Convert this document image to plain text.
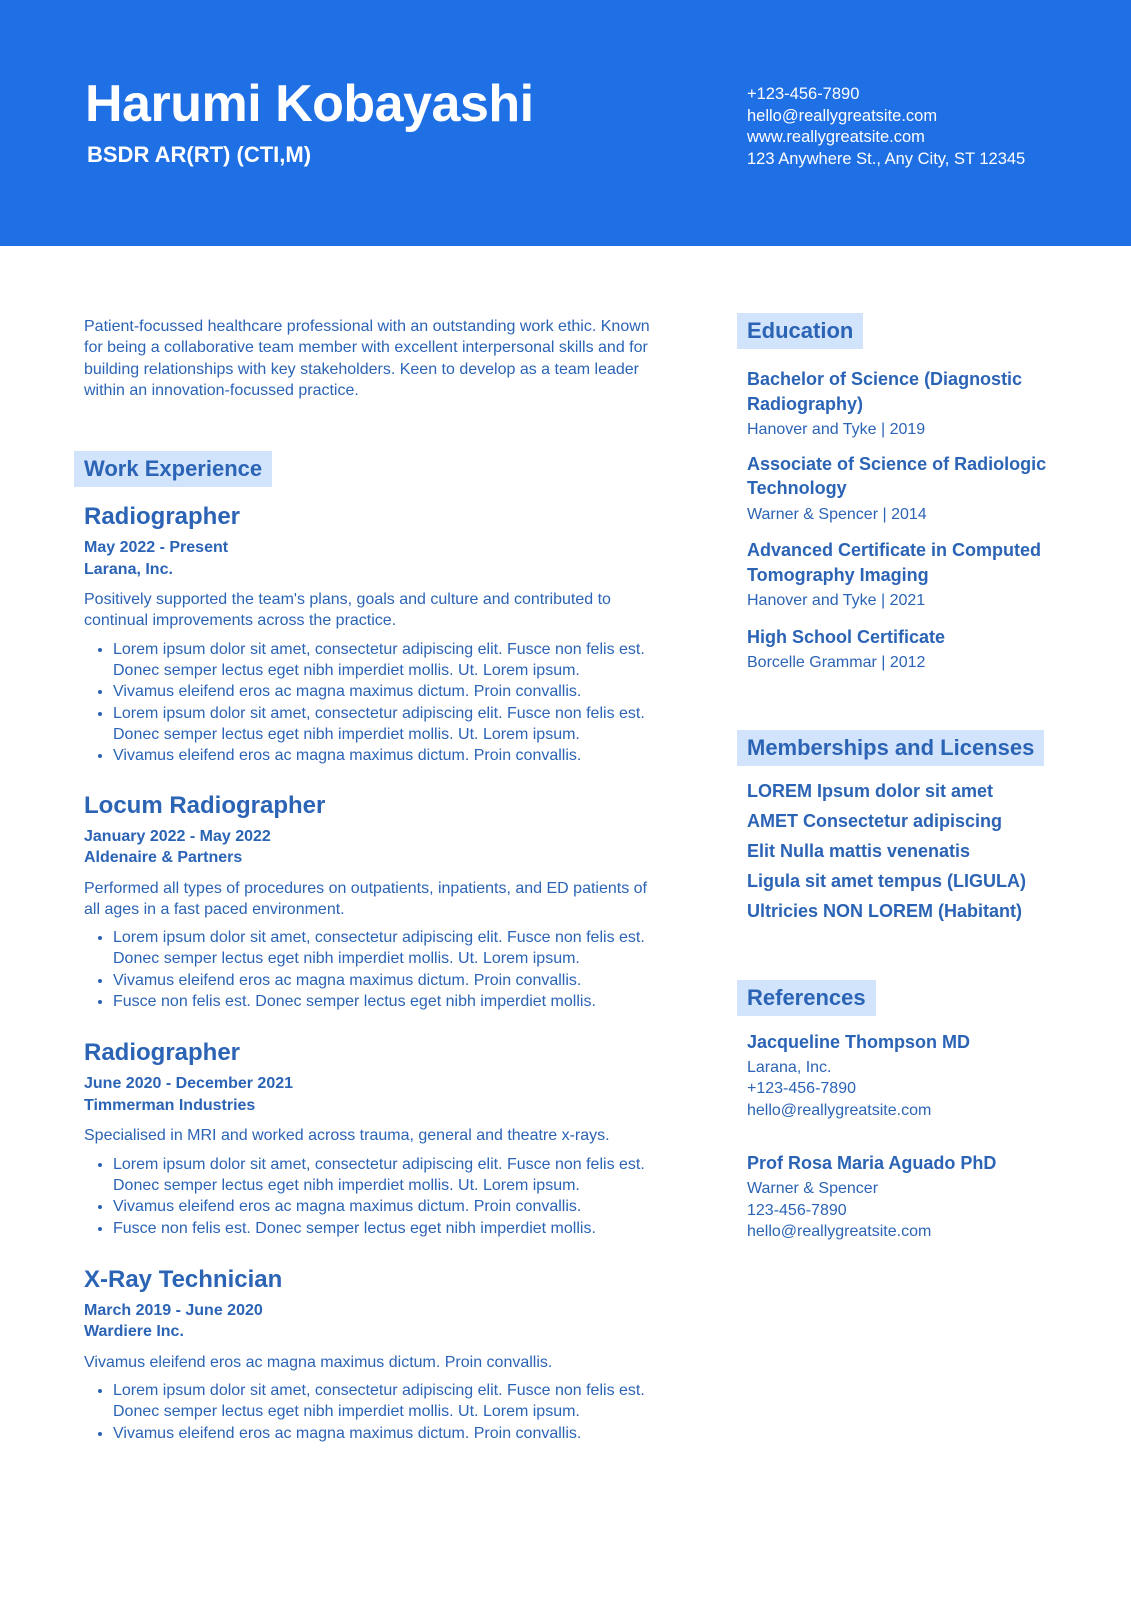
Harumi Kobayashi
BSDR AR(RT) (CTI,M)
+123-456-7890
hello@reallygreatsite.com
www.reallygreatsite.com
123 Anywhere St., Any City, ST 12345

Patient-focussed healthcare professional with an outstanding work ethic. Known for being a collaborative team member with excellent interpersonal skills and for building relationships with key stakeholders. Keen to develop as a team leader within an innovation-focussed practice.

Work Experience
Radiographer
May 2022 - Present
Larana, Inc.
Positively supported the team's plans, goals and culture and contributed to continual improvements across the practice.
• Lorem ipsum dolor sit amet, consectetur adipiscing elit. Fusce non felis est. Donec semper lectus eget nibh imperdiet mollis. Ut. Lorem ipsum.
• Vivamus eleifend eros ac magna maximus dictum. Proin convallis.
• Lorem ipsum dolor sit amet, consectetur adipiscing elit. Fusce non felis est. Donec semper lectus eget nibh imperdiet mollis. Ut. Lorem ipsum.
• Vivamus eleifend eros ac magna maximus dictum. Proin convallis.
Locum Radiographer
January 2022 - May 2022
Aldenaire & Partners
Performed all types of procedures on outpatients, inpatients, and ED patients of all ages in a fast paced environment.
• Lorem ipsum dolor sit amet, consectetur adipiscing elit. Fusce non felis est. Donec semper lectus eget nibh imperdiet mollis. Ut. Lorem ipsum.
• Vivamus eleifend eros ac magna maximus dictum. Proin convallis.
• Fusce non felis est. Donec semper lectus eget nibh imperdiet mollis.
Radiographer
June 2020 - December 2021
Timmerman Industries
Specialised in MRI and worked across trauma, general and theatre x-rays.
• Lorem ipsum dolor sit amet, consectetur adipiscing elit. Fusce non felis est. Donec semper lectus eget nibh imperdiet mollis. Ut. Lorem ipsum.
• Vivamus eleifend eros ac magna maximus dictum. Proin convallis.
• Fusce non felis est. Donec semper lectus eget nibh imperdiet mollis.
X-Ray Technician
March 2019 - June 2020
Wardiere Inc.
Vivamus eleifend eros ac magna maximus dictum. Proin convallis.
• Lorem ipsum dolor sit amet, consectetur adipiscing elit. Fusce non felis est. Donec semper lectus eget nibh imperdiet mollis. Ut. Lorem ipsum.
• Vivamus eleifend eros ac magna maximus dictum. Proin convallis.
Education
Bachelor of Science (Diagnostic Radiography)
Hanover and Tyke | 2019
Associate of Science of Radiologic Technology
Warner & Spencer | 2014
Advanced Certificate in Computed Tomography Imaging
Hanover and Tyke | 2021
High School Certificate
Borcelle Grammar | 2012
Memberships and Licenses
LOREM Ipsum dolor sit amet
AMET Consectetur adipiscing
Elit Nulla mattis venenatis
Ligula sit amet tempus (LIGULA)
Ultricies NON LOREM (Habitant)
References
Jacqueline Thompson MD
Larana, Inc.
+123-456-7890
hello@reallygreatsite.com
Prof Rosa Maria Aguado PhD
Warner & Spencer
123-456-7890
hello@reallygreatsite.com
